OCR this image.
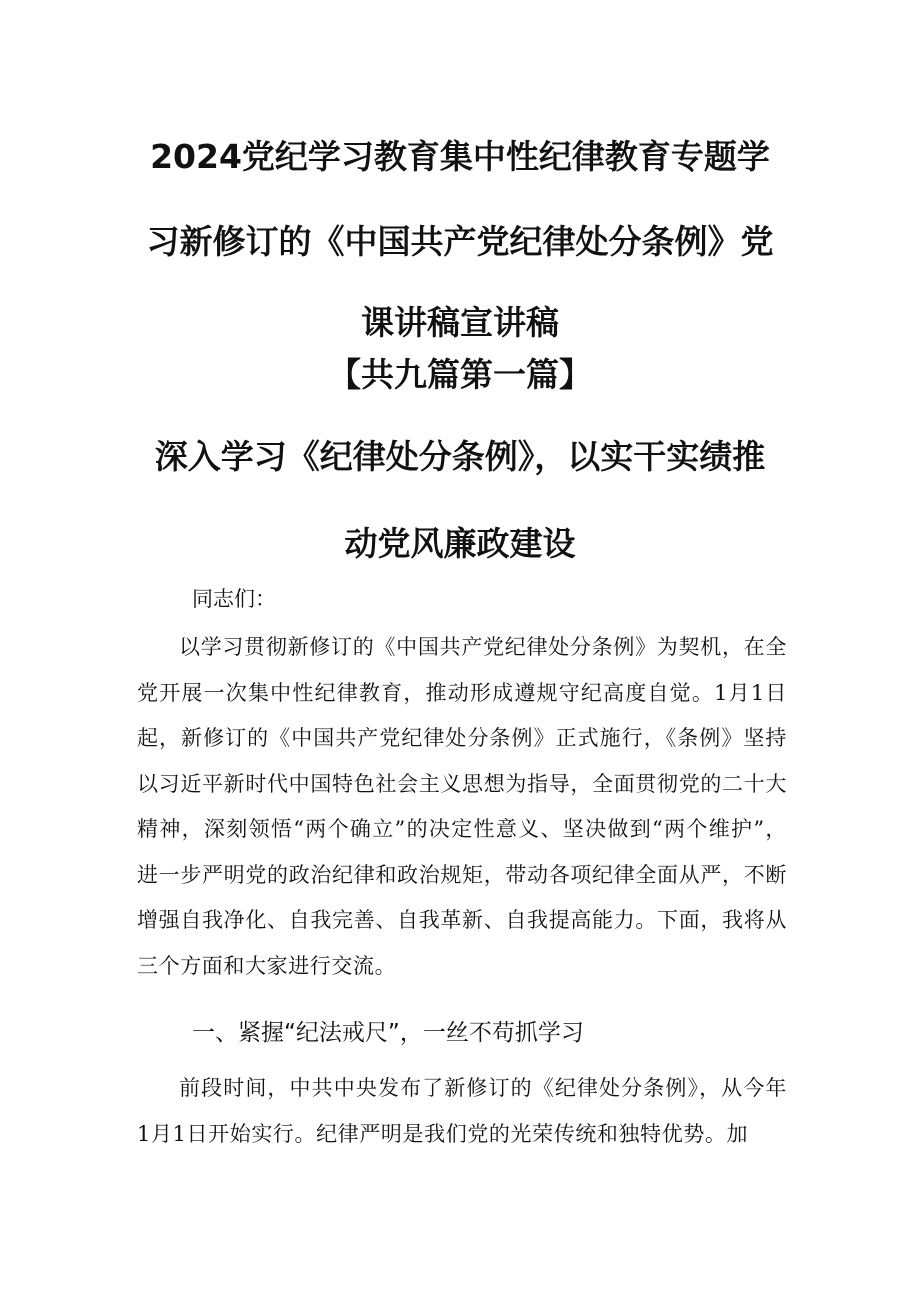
2024党纪学习教育集中性纪律教育专题学
习新修订的《中国共产党纪律处分条例》党
课讲稿宣讲稿
【共九篇第一篇】
深入学习《纪律处分条例》，以实干实绩推
动党风廉政建设
同志们：

以学习贯彻新修订的《中国共产党纪律处分条例》为契机，在全党开展一次集中性纪律教育，推动形成遵规守纪高度自觉。1月1日起，新修订的《中国共产党纪律处分条例》正式施行，《条例》坚持以习近平新时代中国特色社会主义思想为指导，全面贯彻党的二十大精神，深刻领悟“两个确立”的决定性意义、坚决做到“两个维护”，进一步严明党的政治纪律和政治规矩，带动各项纪律全面从严，不断增强自我净化、自我完善、自我革新、自我提高能力。下面，我将从三个方面和大家进行交流。

一、紧握“纪法戒尺”，一丝不苟抓学习

前段时间，中共中央发布了新修订的《纪律处分条例》，从今年1月1日开始实行。纪律严明是我们党的光荣传统和独特优势。加
